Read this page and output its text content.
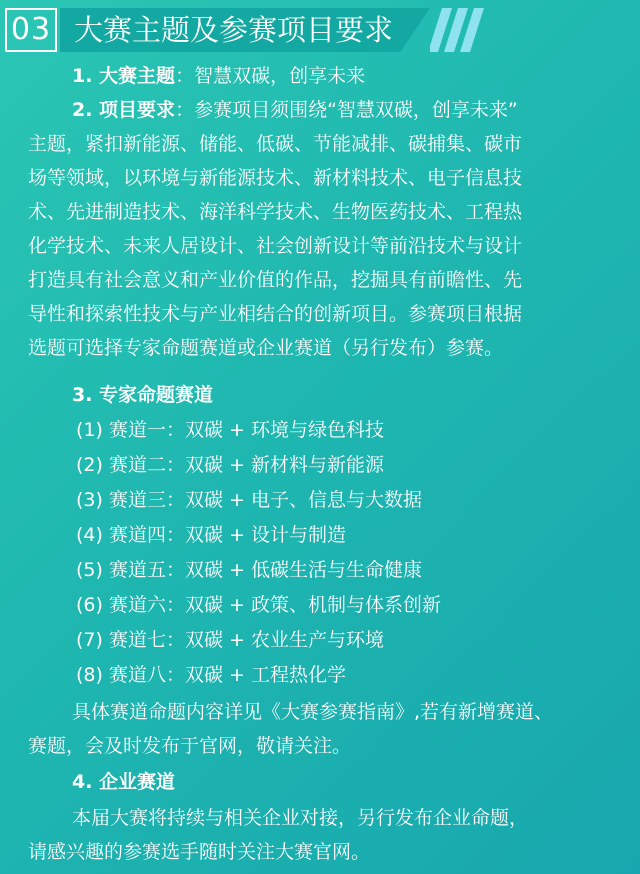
03 大赛主题及参赛项目要求
1. 大赛主题：智慧双碳，创享未来
2. 项目要求：参赛项目须围绕“智慧双碳，创享未来”
主题，紧扣新能源、储能、低碳、节能减排、碳捕集、碳市
场等领域，以环境与新能源技术、新材料技术、电子信息技
术、先进制造技术、海洋科学技术、生物医药技术、工程热
化学技术、未来人居设计、社会创新设计等前沿技术与设计
打造具有社会意义和产业价值的作品，挖掘具有前瞻性、先
导性和探索性技术与产业相结合的创新项目。参赛项目根据
选题可选择专家命题赛道或企业赛道（另行发布）参赛。
3. 专家命题赛道
(1) 赛道一：双碳 + 环境与绿色科技
(2) 赛道二：双碳 + 新材料与新能源
(3) 赛道三：双碳 + 电子、信息与大数据
(4) 赛道四：双碳 + 设计与制造
(5) 赛道五：双碳 + 低碳生活与生命健康
(6) 赛道六：双碳 + 政策、机制与体系创新
(7) 赛道七：双碳 + 农业生产与环境
(8) 赛道八：双碳 + 工程热化学
具体赛道命题内容详见《大赛参赛指南》,若有新增赛道、
赛题，会及时发布于官网，敬请关注。
4. 企业赛道
本届大赛将持续与相关企业对接，另行发布企业命题，
请感兴趣的参赛选手随时关注大赛官网。
